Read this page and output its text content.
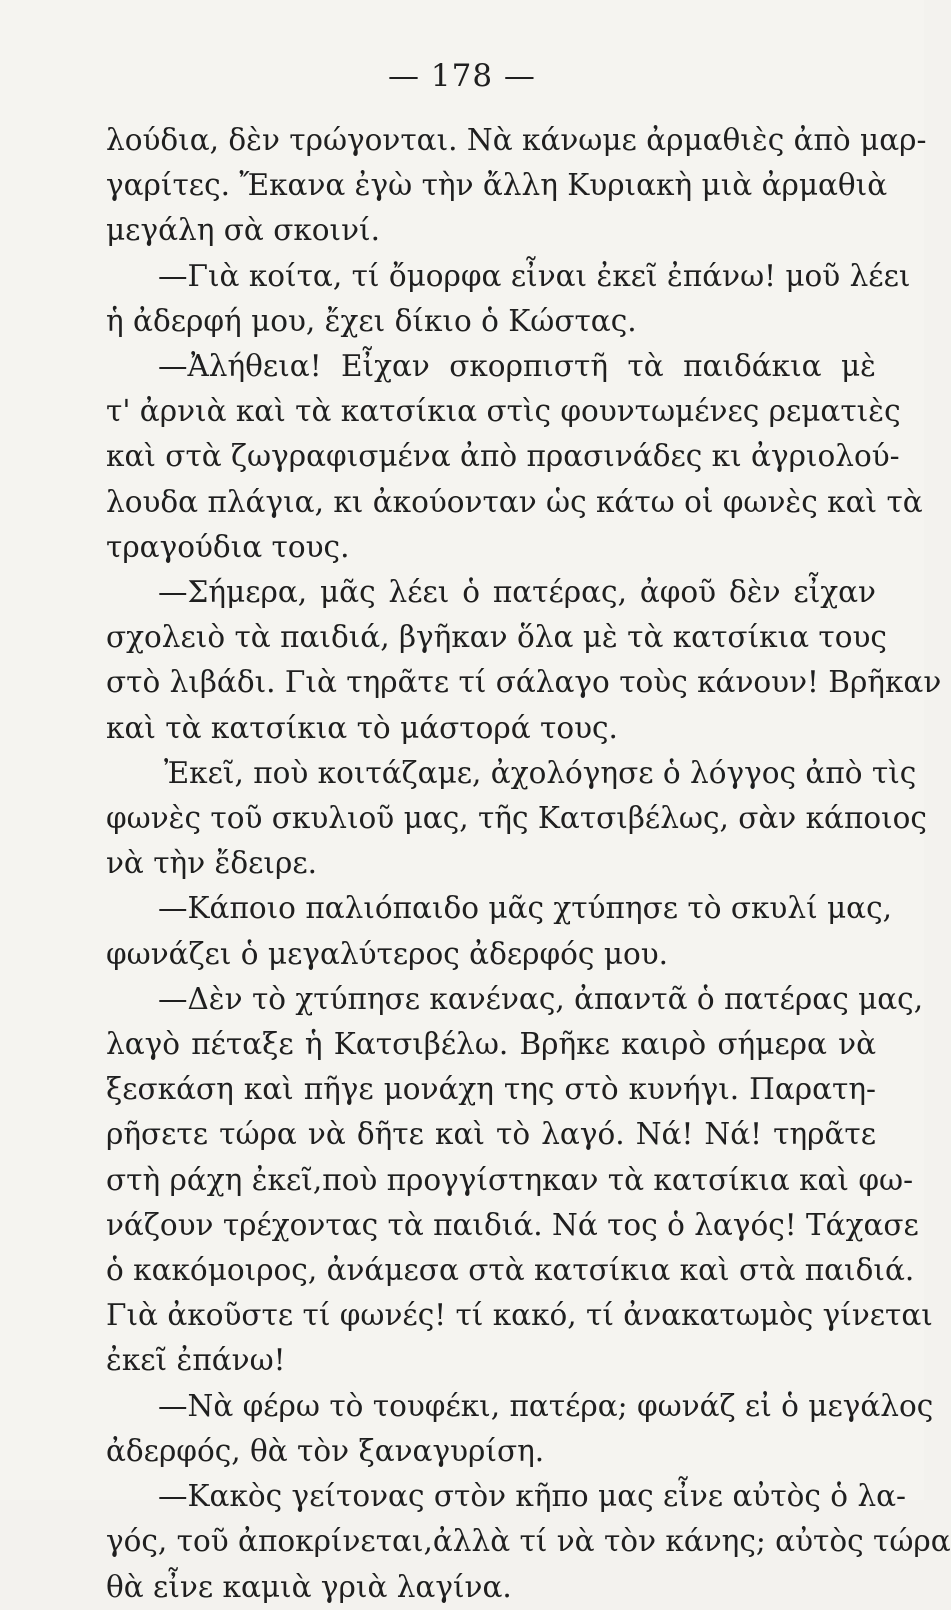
— 178 —
λούδια, δὲν τρώγονται. Νὰ κάνωμε ἀρμαθιὲς ἀπὸ μαρ-
γαρίτες. Ἔκανα ἐγὼ τὴν ἄλλη Κυριακὴ μιὰ ἀρμαθιὰ
μεγάλη σὰ σκοινί.
—Γιὰ κοίτα, τί ὄμορφα εἶναι ἐκεῖ ἐπάνω! μοῦ λέει
ἡ ἀδερφή μου, ἔχει δίκιο ὁ Κώστας.
—Ἀλήθεια! Εἶχαν σκορπιστῆ τὰ παιδάκια μὲ
τ' ἀρνιὰ καὶ τὰ κατσίκια στὶς φουντωμένες ρεματιὲς
καὶ στὰ ζωγραφισμένα ἀπὸ πρασινάδες κι ἀγριολού-
λουδα πλάγια, κι ἀκούονταν ὡς κάτω οἱ φωνὲς καὶ τὰ
τραγούδια τους.
—Σήμερα, μᾶς λέει ὁ πατέρας, ἀφοῦ δὲν εἶχαν
σχολειὸ τὰ παιδιά, βγῆκαν ὅλα μὲ τὰ κατσίκια τους
στὸ λιβάδι. Γιὰ τηρᾶτε τί σάλαγο τοὺς κάνουν! Βρῆκαν
καὶ τὰ κατσίκια τὸ μάστορά τους.
Ἐκεῖ, ποὺ κοιτάζαμε, ἀχολόγησε ὁ λόγγος ἀπὸ τὶς
φωνὲς τοῦ σκυλιοῦ μας, τῆς Κατσιβέλως, σὰν κάποιος
νὰ τὴν ἔδειρε.
—Κάποιο παλιόπαιδο μᾶς χτύπησε τὸ σκυλί μας,
φωνάζει ὁ μεγαλύτερος ἀδερφός μου.
—Δὲν τὸ χτύπησε κανένας, ἀπαντᾶ ὁ πατέρας μας,
λαγὸ πέταξε ἡ Κατσιβέλω. Βρῆκε καιρὸ σήμερα νὰ
ξεσκάση καὶ πῆγε μονάχη της στὸ κυνήγι. Παρατη-
ρῆσετε τώρα νὰ δῆτε καὶ τὸ λαγό. Νά! Νά! τηρᾶτε
στὴ ράχη ἐκεῖ,ποὺ προγγίστηκαν τὰ κατσίκια καὶ φω-
νάζουν τρέχοντας τὰ παιδιά. Νά τος ὁ λαγός! Τάχασε
ὁ κακόμοιρος, ἀνάμεσα στὰ κατσίκια καὶ στὰ παιδιά.
Γιὰ ἀκοῦστε τί φωνές! τί κακό, τί ἀνακατωμὸς γίνεται
ἐκεῖ ἐπάνω!
—Νὰ φέρω τὸ τουφέκι, πατέρα; φωνάζ εἰ ὁ μεγάλος
ἀδερφός, θὰ τὸν ξαναγυρίση.
—Κακὸς γείτονας στὸν κῆπο μας εἶνε αὐτὸς ὁ λα-
γός, τοῦ ἀποκρίνεται,ἀλλὰ τί νὰ τὸν κάνης; αὐτὸς τώρα
θὰ εἶνε καμιὰ γριὰ λαγίνα.
